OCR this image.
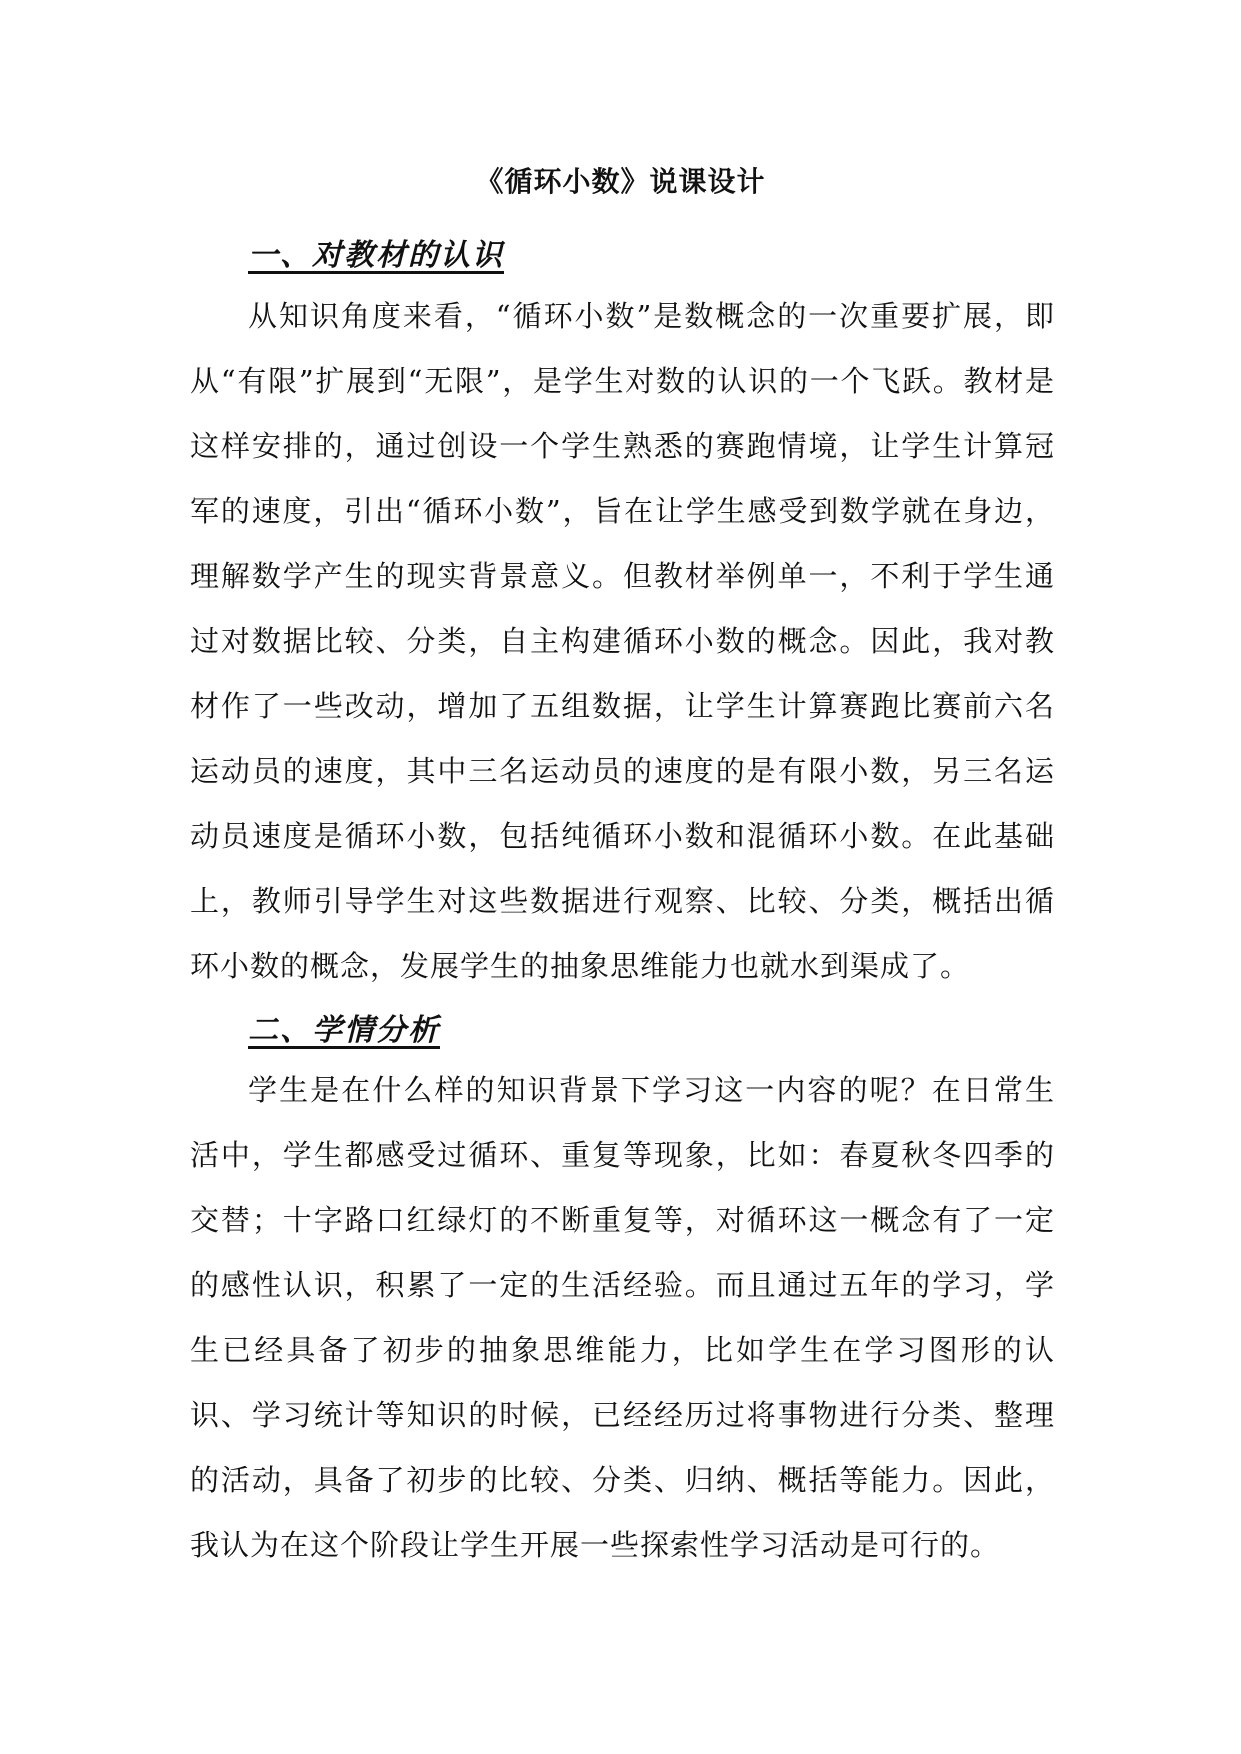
《循环小数》说课设计
一、对教材的认识

从知识角度来看，“循环小数”是数概念的一次重要扩展，即从“有限”扩展到“无限”，是学生对数的认识的一个飞跃。教材是这样安排的，通过创设一个学生熟悉的赛跑情境，让学生计算冠军的速度，引出“循环小数”，旨在让学生感受到数学就在身边，理解数学产生的现实背景意义。但教材举例单一，不利于学生通过对数据比较、分类，自主构建循环小数的概念。因此，我对教材作了一些改动，增加了五组数据，让学生计算赛跑比赛前六名运动员的速度，其中三名运动员的速度的是有限小数，另三名运动员速度是循环小数，包括纯循环小数和混循环小数。在此基础上，教师引导学生对这些数据进行观察、比较、分类，概括出循环小数的概念，发展学生的抽象思维能力也就水到渠成了。

二、学情分析

学生是在什么样的知识背景下学习这一内容的呢？在日常生活中，学生都感受过循环、重复等现象，比如：春夏秋冬四季的交替；十字路口红绿灯的不断重复等，对循环这一概念有了一定的感性认识，积累了一定的生活经验。而且通过五年的学习，学生已经具备了初步的抽象思维能力，比如学生在学习图形的认识、学习统计等知识的时候，已经经历过将事物进行分类、整理的活动，具备了初步的比较、分类、归纳、概括等能力。因此，我认为在这个阶段让学生开展一些探索性学习活动是可行的。
